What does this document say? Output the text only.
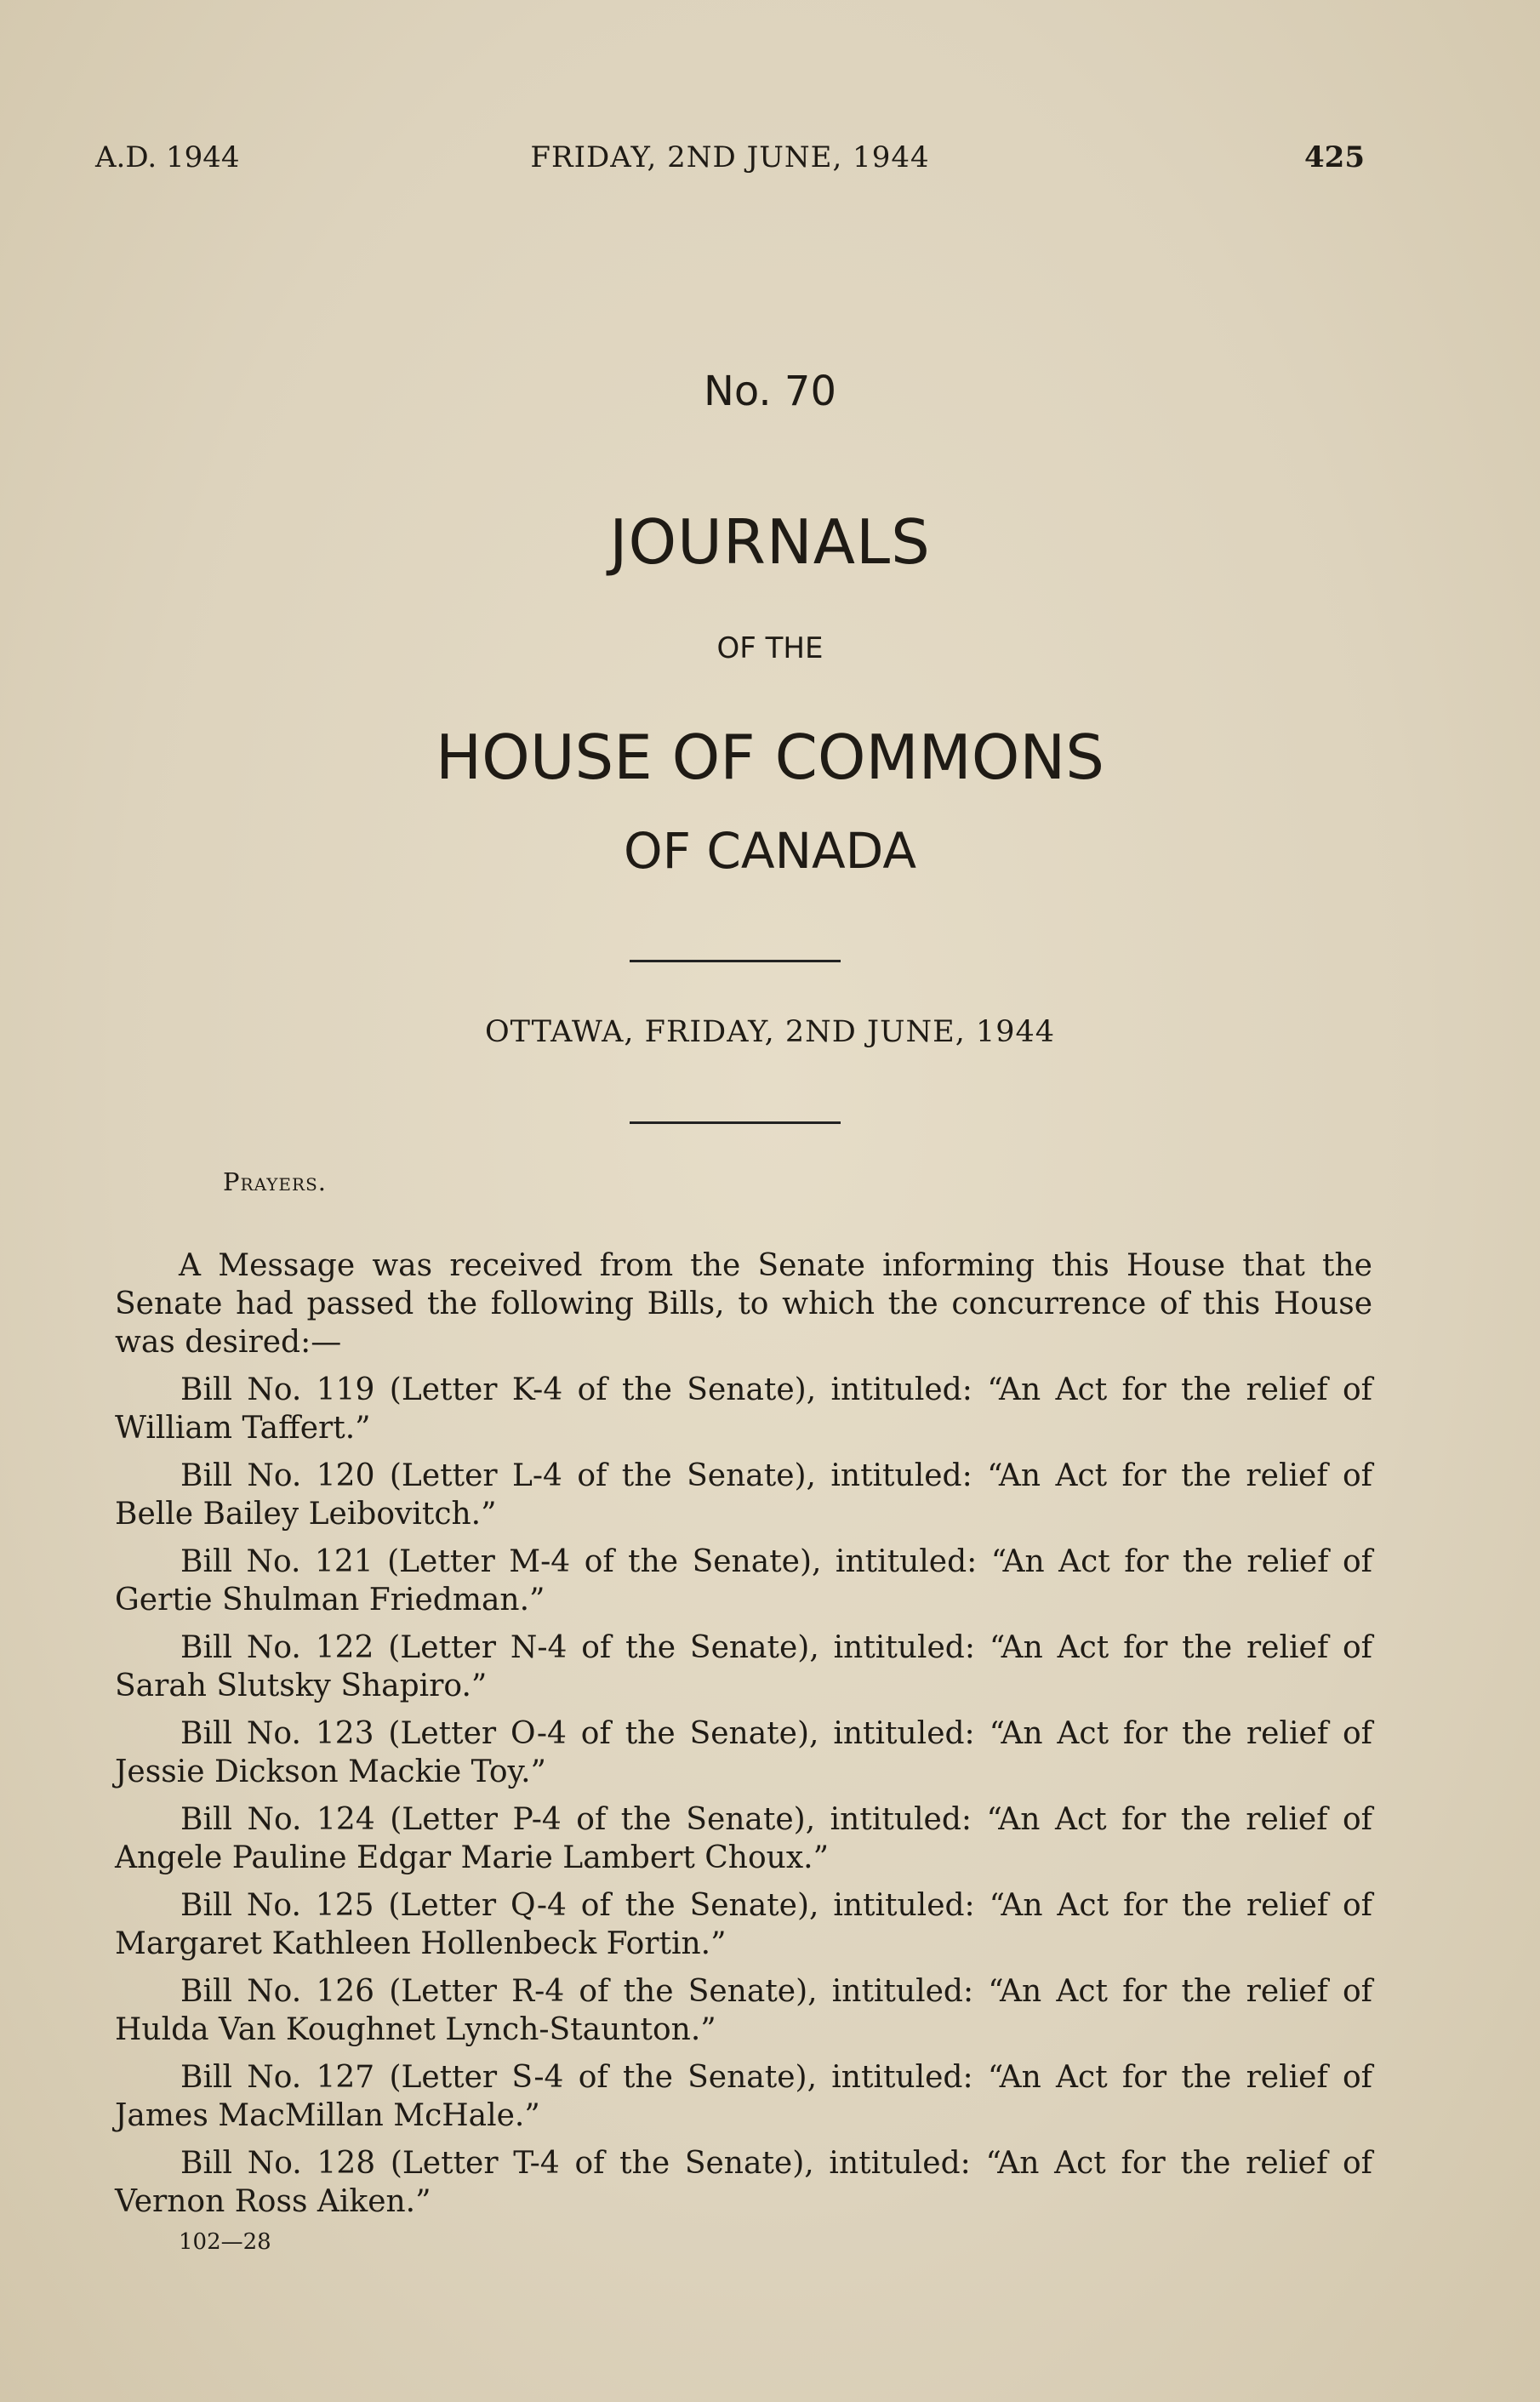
A.D. 1944	FRIDAY, 2ND JUNE, 1944	425
No. 70
JOURNALS
OF THE
HOUSE OF COMMONS
OF CANADA
OTTAWA, FRIDAY, 2ND JUNE, 1944
Prayers.

A Message was received from the Senate informing this House that the Senate had passed the following Bills, to which the concurrence of this House was desired:—

Bill No. 119 (Letter K-4 of the Senate), intituled: “An Act for the relief of William Taffert.”

Bill No. 120 (Letter L-4 of the Senate), intituled: “An Act for the relief of Belle Bailey Leibovitch.”

Bill No. 121 (Letter M-4 of the Senate), intituled: “An Act for the relief of Gertie Shulman Friedman.”

Bill No. 122 (Letter N-4 of the Senate), intituled: “An Act for the relief of Sarah Slutsky Shapiro.”

Bill No. 123 (Letter O-4 of the Senate), intituled: “An Act for the relief of Jessie Dickson Mackie Toy.”

Bill No. 124 (Letter P-4 of the Senate), intituled: “An Act for the relief of Angele Pauline Edgar Marie Lambert Choux.”

Bill No. 125 (Letter Q-4 of the Senate), intituled: “An Act for the relief of Margaret Kathleen Hollenbeck Fortin.”

Bill No. 126 (Letter R-4 of the Senate), intituled: “An Act for the relief of Hulda Van Koughnet Lynch-Staunton.”

Bill No. 127 (Letter S-4 of the Senate), intituled: “An Act for the relief of James MacMillan McHale.”

Bill No. 128 (Letter T-4 of the Senate), intituled: “An Act for the relief of Vernon Ross Aiken.”

102—28
